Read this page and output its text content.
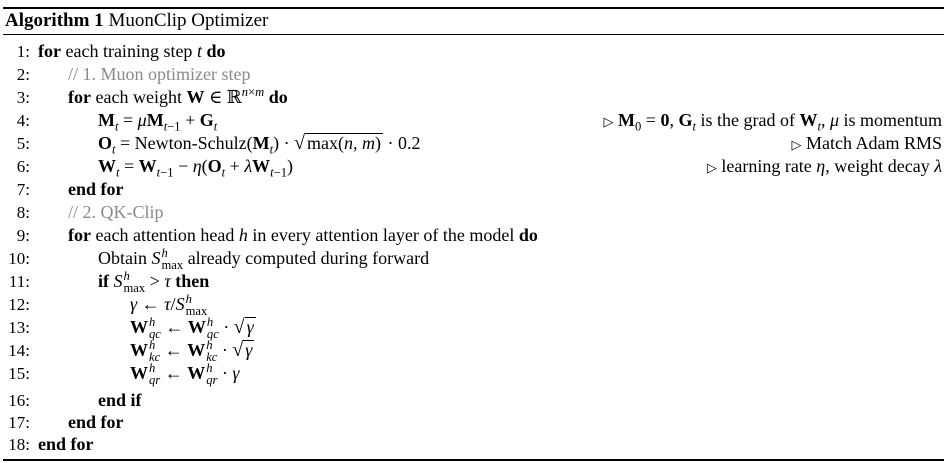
Algorithm 1 MuonClip Optimizer
1: for each training step t do
2: // 1. Muon optimizer step
3: for each weight W ∈ ℝ$^{n\times m}$ do
4:	$M_t = \mu M_{t-1} + G_t$	▷ $M_0 = 0$, $G_t$ is the grad of $W_t$, μ is momentum
5:	$O_t$ = Newton-$Schulz(M_t)$ · √ max(n, m) · 0.2	▷ Match Adam RMS
6:	$W_t = W_{t-1} - \eta(O_t + \lambda W_{t-1})$	▷ learning rate η, weight decay λ
7: end for
8: // 2. QK-Clip
9: for each attention head h in every attention layer of the model do
10:	Obtain S h
max already computed during forward
11:	if S h
max > τ then
12:	γ ← τ/S h
max
13:	W h
qc ← W h
qc · √ γ
14:	W h
kc ← W h
kc · √ γ
15:	W h
qr ← W h
qr · γ
16:	end if
17: end for
18: end for
